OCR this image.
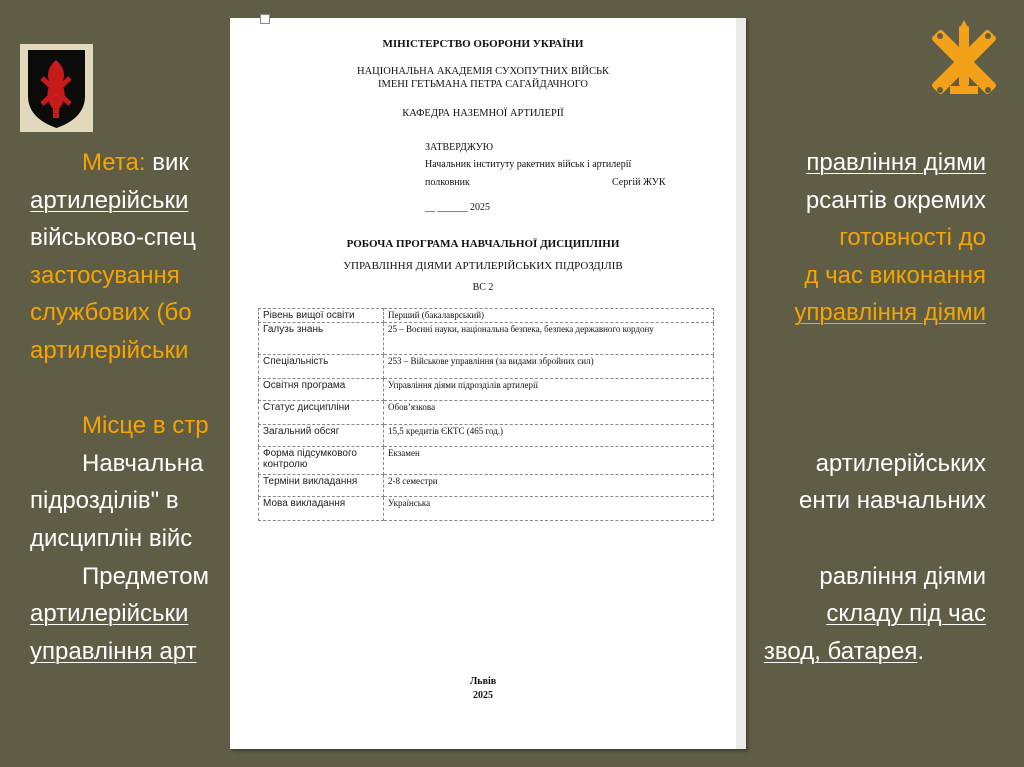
Мета: вик	правління діями
артилерійськи	рсантів окремих
військово-спец	готовності до
застосування	д час виконання
службових (бо	управління діями
артилерійськи
Місце в стр
Навчальна	артилерійських
підрозділів" в	енти навчальних
дисциплін війс
Предметом	равління діями
артилерійськи	складу під час
управління арт	звод, батарея.
МІНІСТЕРСТВО ОБОРОНИ УКРАЇНИ
НАЦІОНАЛЬНА АКАДЕМІЯ СУХОПУТНИХ ВІЙСЬК
ІМЕНІ ГЕТЬМАНА ПЕТРА САГАЙДАЧНОГО
КАФЕДРА НАЗЕМНОЇ АРТИЛЕРІЇ
ЗАТВЕРДЖУЮ
Начальник інституту ракетних військ і артилерії
полковник	Сергій ЖУК
__ ______ 2025
РОБОЧА ПРОГРАМА НАВЧАЛЬНОЇ ДИСЦИПЛІНИ
УПРАВЛІННЯ ДІЯМИ АРТИЛЕРІЙСЬКИХ ПІДРОЗДІЛІВ
ВС 2
Рівень вищої освіти	Перший (бакалаврський)
Галузь знань	25 – Воєнні науки, національна безпека, безпека державного кордону
Спеціальність	253 – Військове управління (за видами збройних сил)
Освітня програма	Управління діями підрозділів артилерії
Статус дисципліни	Обов’язкова
Загальний обсяг	15,5 кредитів ЄКТС (465 год.)
Форма підсумкового контролю	Екзамен
Терміни викладання	2-8 семестри
Мова викладання	Українська
Львів
2025
